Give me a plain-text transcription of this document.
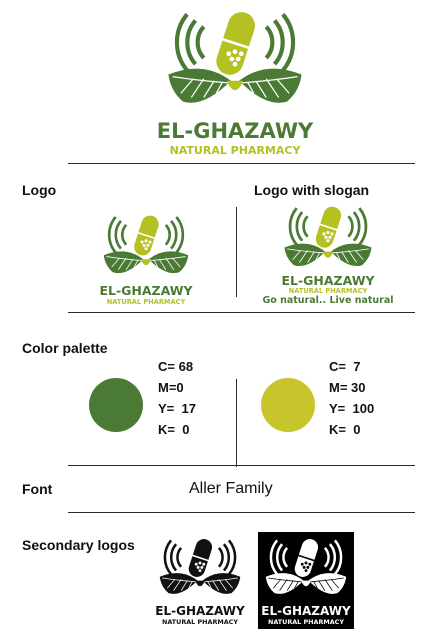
EL-GHAZAWY
NATURAL PHARMACY
Logo	Logo with slogan
EL-GHAZAWY
NATURAL PHARMACY
EL-GHAZAWY
NATURAL PHARMACY
Go natural.. Live natural
Color palette
C= 68
M=0
Y=  17
K=  0
C=  7
M= 30
Y=  100
K=  0
Font	Aller Family
Secondary logos
EL-GHAZAWY
NATURAL PHARMACY
EL-GHAZAWY
NATURAL PHARMACY
